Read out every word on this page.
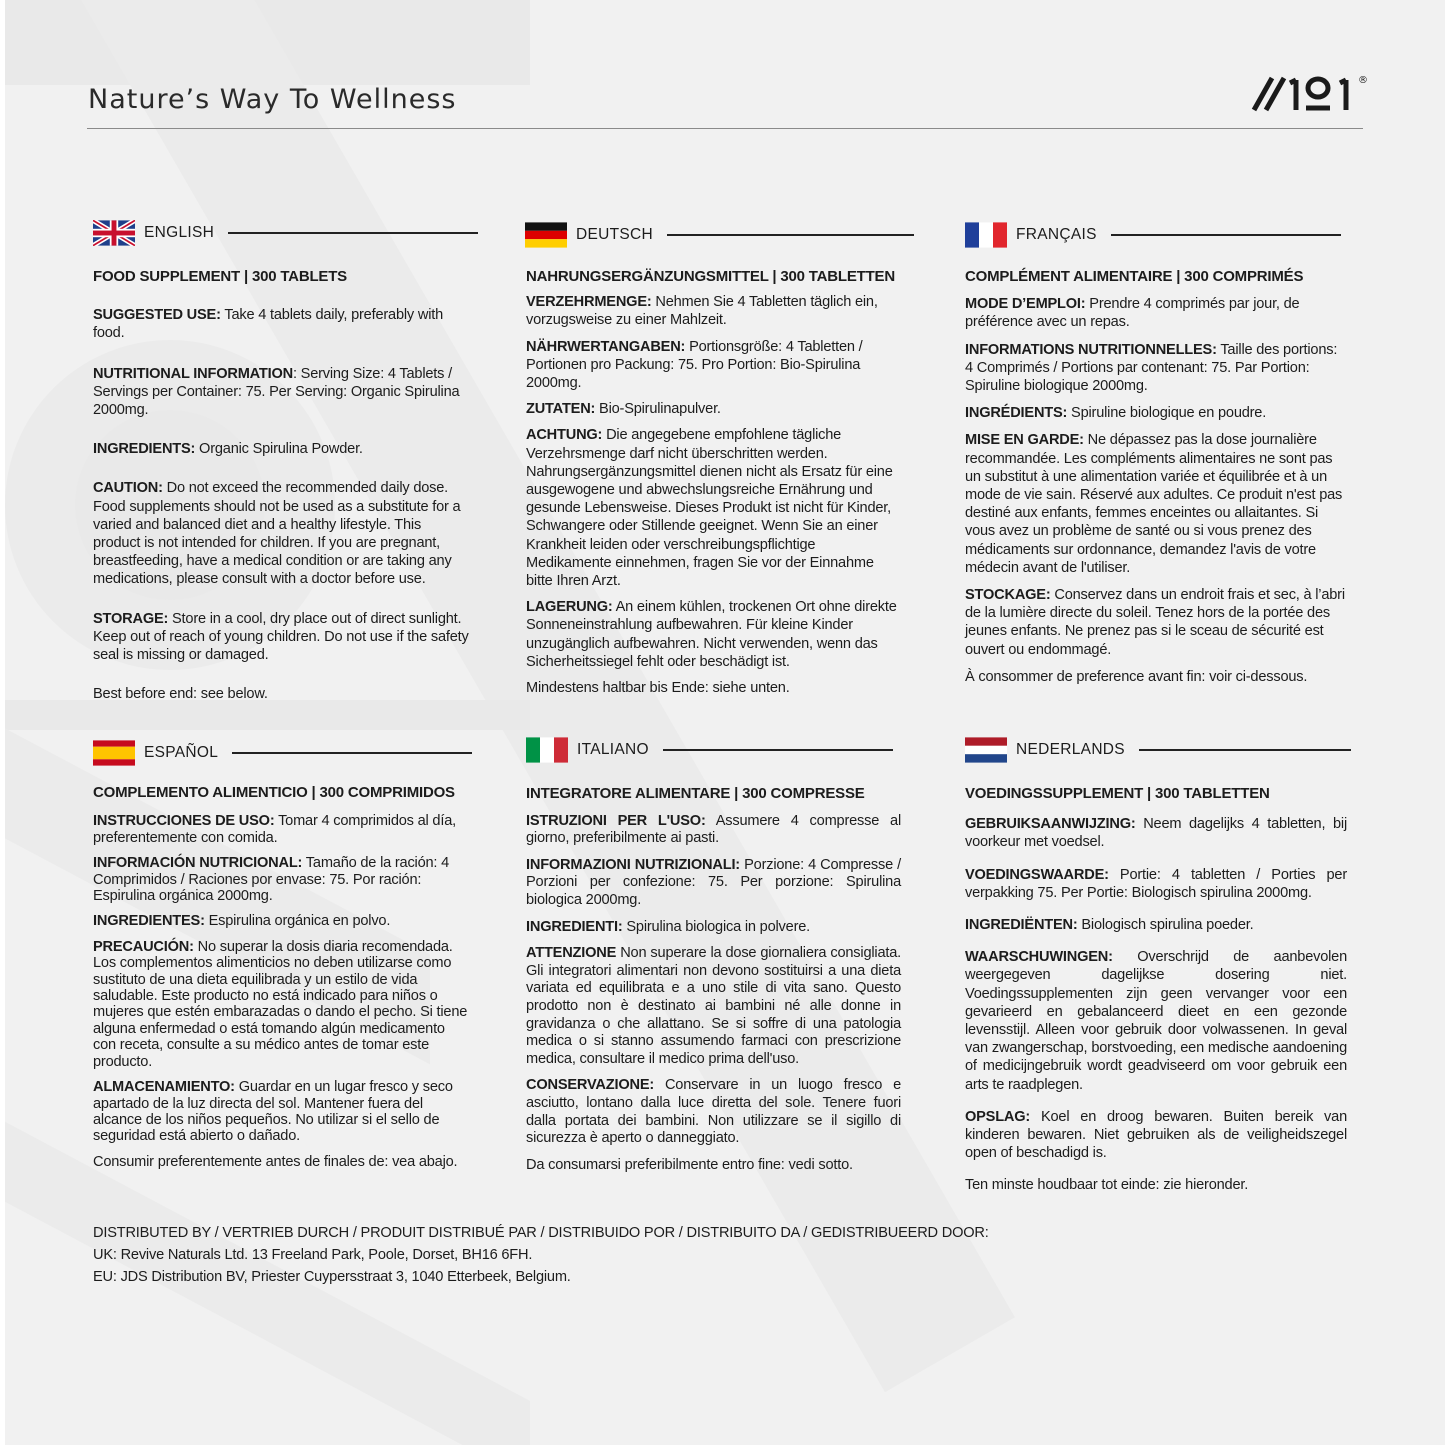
Nature’s Way To Wellness
®
ENGLISH

FOOD SUPPLEMENT | 300 TABLETS

SUGGESTED USE: Take 4 tablets daily, preferably with food.

NUTRITIONAL INFORMATION: Serving Size: 4 Tablets / Servings per Container: 75. Per Serving: Organic Spirulina 2000mg.

INGREDIENTS: Organic Spirulina Powder.

CAUTION: Do not exceed the recommended daily dose. Food supplements should not be used as a substitute for a varied and balanced diet and a healthy lifestyle. This product is not intended for children. If you are pregnant, breastfeeding, have a medical condition or are taking any medications, please consult with a doctor before use.

STORAGE: Store in a cool, dry place out of direct sunlight. Keep out of reach of young children. Do not use if the safety seal is missing or damaged.

Best before end: see below.

DEUTSCH

NAHRUNGSERGÄNZUNGSMITTEL | 300 TABLETTEN

VERZEHRMENGE: Nehmen Sie 4 Tabletten täglich ein, vorzugsweise zu einer Mahlzeit.

NÄHRWERTANGABEN: Portionsgröße: 4 Tabletten / Portionen pro Packung: 75. Pro Portion: Bio-Spirulina 2000mg.

ZUTATEN: Bio-Spirulinapulver.

ACHTUNG: Die angegebene empfohlene tägliche Verzehrsmenge darf nicht überschritten werden. Nahrungsergänzungsmittel dienen nicht als Ersatz für eine ausgewogene und abwechslungsreiche Ernährung und gesunde Lebensweise. Dieses Produkt ist nicht für Kinder, Schwangere oder Stillende geeignet. Wenn Sie an einer Krankheit leiden oder verschreibungspflichtige Medikamente einnehmen, fragen Sie vor der Einnahme bitte Ihren Arzt.

LAGERUNG: An einem kühlen, trockenen Ort ohne direkte Sonneneinstrahlung aufbewahren. Für kleine Kinder unzugänglich aufbewahren. Nicht verwenden, wenn das Sicherheitssiegel fehlt oder beschädigt ist.

Mindestens haltbar bis Ende: siehe unten.

FRANÇAIS

COMPLÉMENT ALIMENTAIRE | 300 COMPRIMÉS

MODE D’EMPLOI: Prendre 4 comprimés par jour, de préférence avec un repas.

INFORMATIONS NUTRITIONNELLES: Taille des portions: 4 Comprimés / Portions par contenant: 75. Par Portion: Spiruline biologique 2000mg.

INGRÉDIENTS: Spiruline biologique en poudre.

MISE EN GARDE: Ne dépassez pas la dose journalière recommandée. Les compléments alimentaires ne sont pas un substitut à une alimentation variée et équilibrée et à un mode de vie sain. Réservé aux adultes. Ce produit n'est pas destiné aux enfants, femmes enceintes ou allaitantes. Si vous avez un problème de santé ou si vous prenez des médicaments sur ordonnance, demandez l'avis de votre médecin avant de l'utiliser.

STOCKAGE: Conservez dans un endroit frais et sec, à l’abri de la lumière directe du soleil. Tenez hors de la portée des jeunes enfants. Ne prenez pas si le sceau de sécurité est ouvert ou endommagé.

À consommer de preference avant fin: voir ci-dessous.

ESPAÑOL

COMPLEMENTO ALIMENTICIO | 300 COMPRIMIDOS

INSTRUCCIONES DE USO: Tomar 4 comprimidos al día, preferentemente con comida.

INFORMACIÓN NUTRICIONAL: Tamaño de la ración: 4 Comprimidos / Raciones por envase: 75. Por ración: Espirulina orgánica 2000mg.

INGREDIENTES: Espirulina orgánica en polvo.

PRECAUCIÓN: No superar la dosis diaria recomendada. Los complementos alimenticios no deben utilizarse como sustituto de una dieta equilibrada y un estilo de vida saludable. Este producto no está indicado para niños o mujeres que estén embarazadas o dando el pecho. Si tiene alguna enfermedad o está tomando algún medicamento con receta, consulte a su médico antes de tomar este producto.

ALMACENAMIENTO: Guardar en un lugar fresco y seco apartado de la luz directa del sol. Mantener fuera del alcance de los niños pequeños. No utilizar si el sello de seguridad está abierto o dañado.

Consumir preferentemente antes de finales de: vea abajo.

ITALIANO

INTEGRATORE ALIMENTARE | 300 COMPRESSE

ISTRUZIONI PER L'USO: Assumere 4 compresse al giorno, preferibilmente ai pasti.

INFORMAZIONI NUTRIZIONALI: Porzione: 4 Compresse / Porzioni per confezione: 75. Per porzione: Spirulina biologica 2000mg.

INGREDIENTI: Spirulina biologica in polvere.

ATTENZIONE Non superare la dose giornaliera consigliata. Gli integratori alimentari non devono sostituirsi a una dieta variata ed equilibrata e a uno stile di vita sano. Questo prodotto non è destinato ai bambini né alle donne in gravidanza o che allattano. Se si soffre di una patologia medica o si stanno assumendo farmaci con prescrizione medica, consultare il medico prima dell'uso.

CONSERVAZIONE: Conservare in un luogo fresco e asciutto, lontano dalla luce diretta del sole. Tenere fuori dalla portata dei bambini. Non utilizzare se il sigillo di sicurezza è aperto o danneggiato.

Da consumarsi preferibilmente entro fine: vedi sotto.

NEDERLANDS

VOEDINGSSUPPLEMENT | 300 TABLETTEN

GEBRUIKSAANWIJZING: Neem dagelijks 4 tabletten, bij voorkeur met voedsel.

VOEDINGSWAARDE: Portie: 4 tabletten / Porties per verpakking 75. Per Portie: Biologisch spirulina 2000mg.

INGREDIËNTEN: Biologisch spirulina poeder.

WAARSCHUWINGEN: Overschrijd de aanbevolen weergegeven dagelijkse dosering niet. Voedingssupplementen zijn geen vervanger voor een gevarieerd en gebalanceerd dieet en een gezonde levensstijl. Alleen voor gebruik door volwassenen. In geval van zwangerschap, borstvoeding, een medische aandoening of medicijngebruik wordt geadviseerd om voor gebruik een arts te raadplegen.

OPSLAG: Koel en droog bewaren. Buiten bereik van kinderen bewaren. Niet gebruiken als de veiligheidszegel open of beschadigd is.

Ten minste houdbaar tot einde: zie hieronder.

DISTRIBUTED BY / VERTRIEB DURCH / PRODUIT DISTRIBUÉ PAR / DISTRIBUIDO POR / DISTRIBUITO DA / GEDISTRIBUEERD DOOR:

UK: Revive Naturals Ltd. 13 Freeland Park, Poole, Dorset, BH16 6FH.

EU: JDS Distribution BV, Priester Cuypersstraat 3, 1040 Etterbeek, Belgium.
